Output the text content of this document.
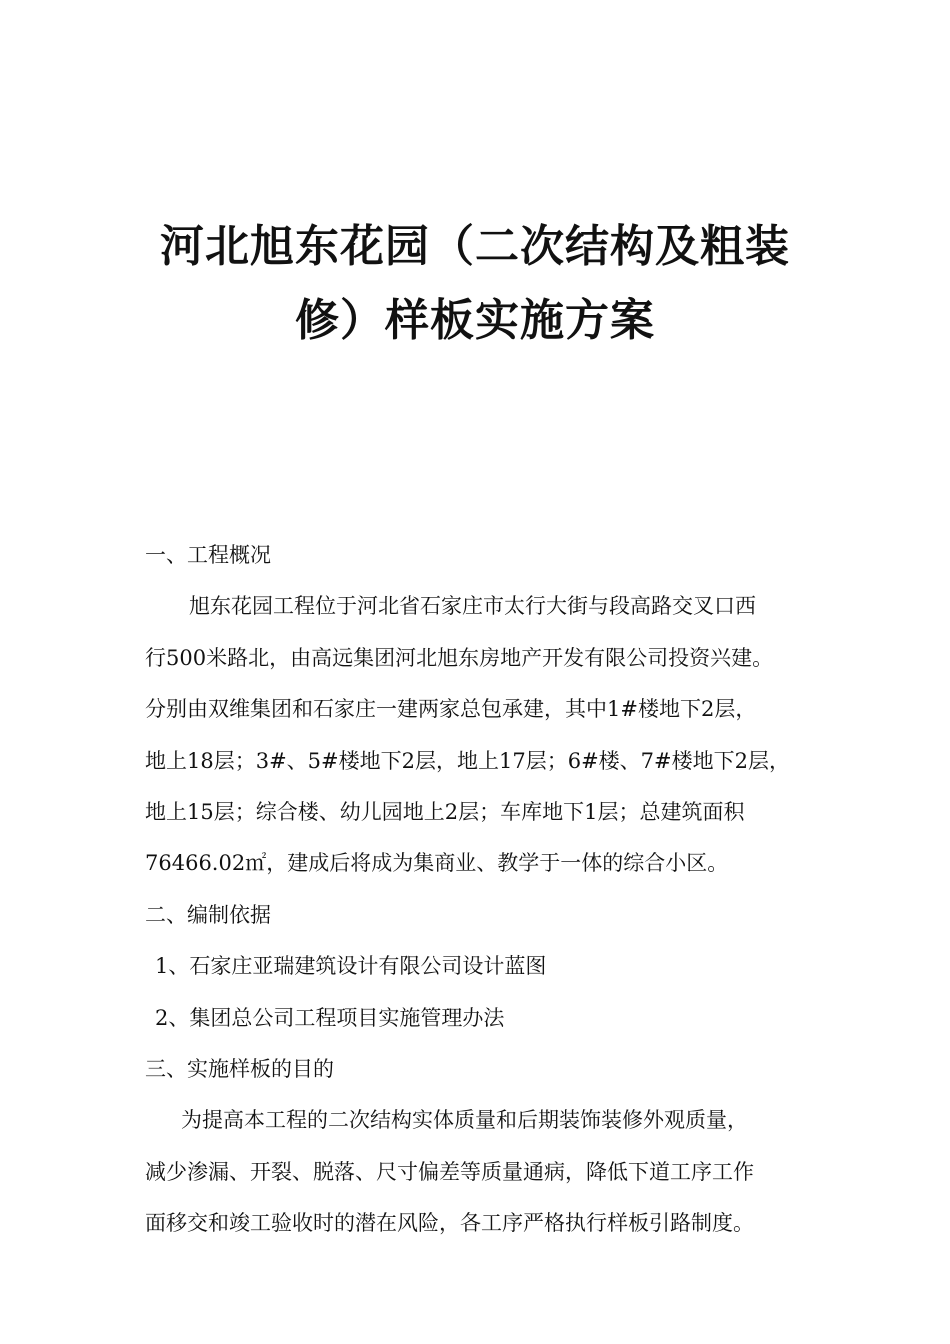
河北旭东花园（二次结构及粗装
修）样板实施方案

一、工程概况

旭东花园工程位于河北省石家庄市太行大街与段高路交叉口西

行500米路北，由高远集团河北旭东房地产开发有限公司投资兴建。

分别由双维集团和石家庄一建两家总包承建，其中1#楼地下2层，

地上18层；3#、5#楼地下2层，地上17层；6#楼、7#楼地下2层，

地上15层；综合楼、幼儿园地上2层；车库地下1层；总建筑面积

76466.02㎡，建成后将成为集商业、教学于一体的综合小区。

二、编制依据

1、石家庄亚瑞建筑设计有限公司设计蓝图

2、集团总公司工程项目实施管理办法

三、实施样板的目的

为提高本工程的二次结构实体质量和后期装饰装修外观质量，

减少渗漏、开裂、脱落、尺寸偏差等质量通病，降低下道工序工作

面移交和竣工验收时的潜在风险，各工序严格执行样板引路制度。
